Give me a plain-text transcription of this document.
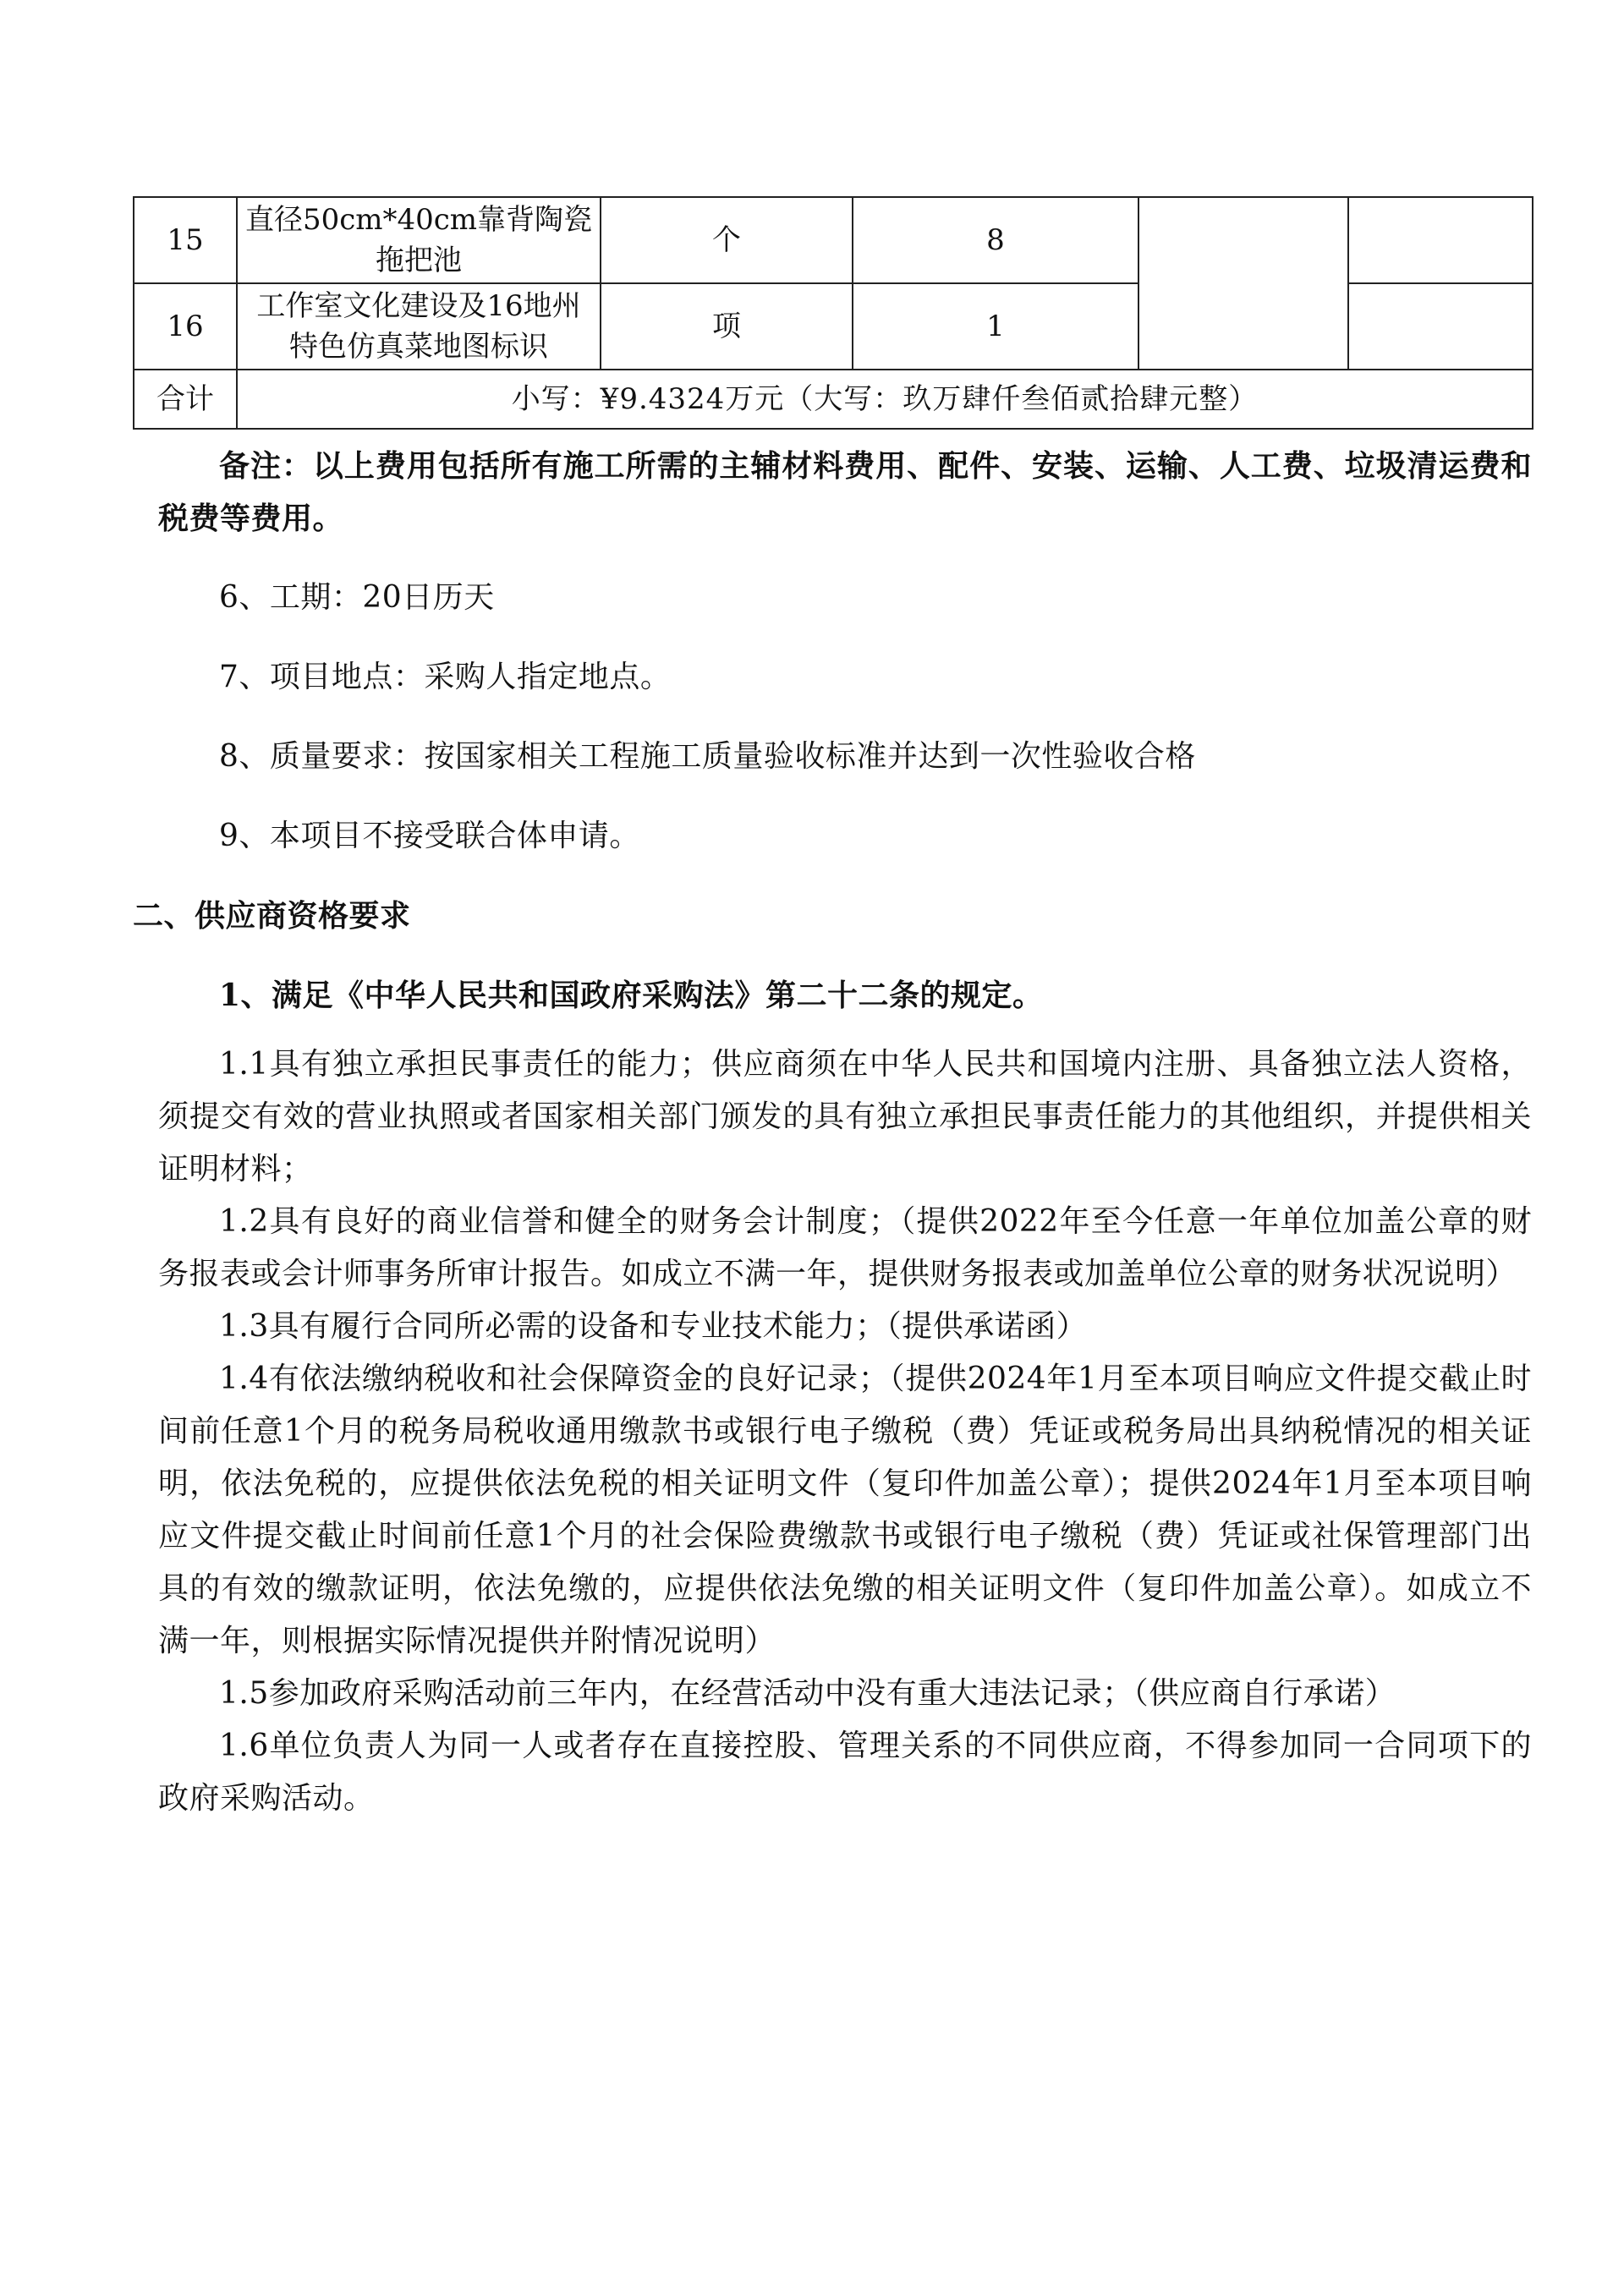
15	直径50cm*40cm靠背陶瓷拖把池	个	8		
16	工作室文化建设及16地州特色仿真菜地图标识	项	1		
合计	小写：¥9.4324万元（大写：玖万肆仟叁佰贰拾肆元整）				

备注：以上费用包括所有施工所需的主辅材料费用、配件、安装、运输、人工费、垃圾清运费和税费等费用。

6、工期：20日历天

7、项目地点：采购人指定地点。

8、质量要求：按国家相关工程施工质量验收标准并达到一次性验收合格

9、本项目不接受联合体申请。

二、供应商资格要求

1、满足《中华人民共和国政府采购法》第二十二条的规定。

1.1具有独立承担民事责任的能力；供应商须在中华人民共和国境内注册、具备独立法人资格，须提交有效的营业执照或者国家相关部门颁发的具有独立承担民事责任能力的其他组织，并提供相关证明材料；

1.2具有良好的商业信誉和健全的财务会计制度；（提供2022年至今任意一年单位加盖公章的财务报表或会计师事务所审计报告。如成立不满一年，提供财务报表或加盖单位公章的财务状况说明）

1.3具有履行合同所必需的设备和专业技术能力；（提供承诺函）

1.4有依法缴纳税收和社会保障资金的良好记录；（提供2024年1月至本项目响应文件提交截止时间前任意1个月的税务局税收通用缴款书或银行电子缴税（费）凭证或税务局出具纳税情况的相关证明，依法免税的，应提供依法免税的相关证明文件（复印件加盖公章）；提供2024年1月至本项目响应文件提交截止时间前任意1个月的社会保险费缴款书或银行电子缴税（费）凭证或社保管理部门出具的有效的缴款证明，依法免缴的，应提供依法免缴的相关证明文件（复印件加盖公章）。如成立不满一年，则根据实际情况提供并附情况说明）

1.5参加政府采购活动前三年内，在经营活动中没有重大违法记录；（供应商自行承诺）

1.6单位负责人为同一人或者存在直接控股、管理关系的不同供应商，不得参加同一合同项下的政府采购活动。
